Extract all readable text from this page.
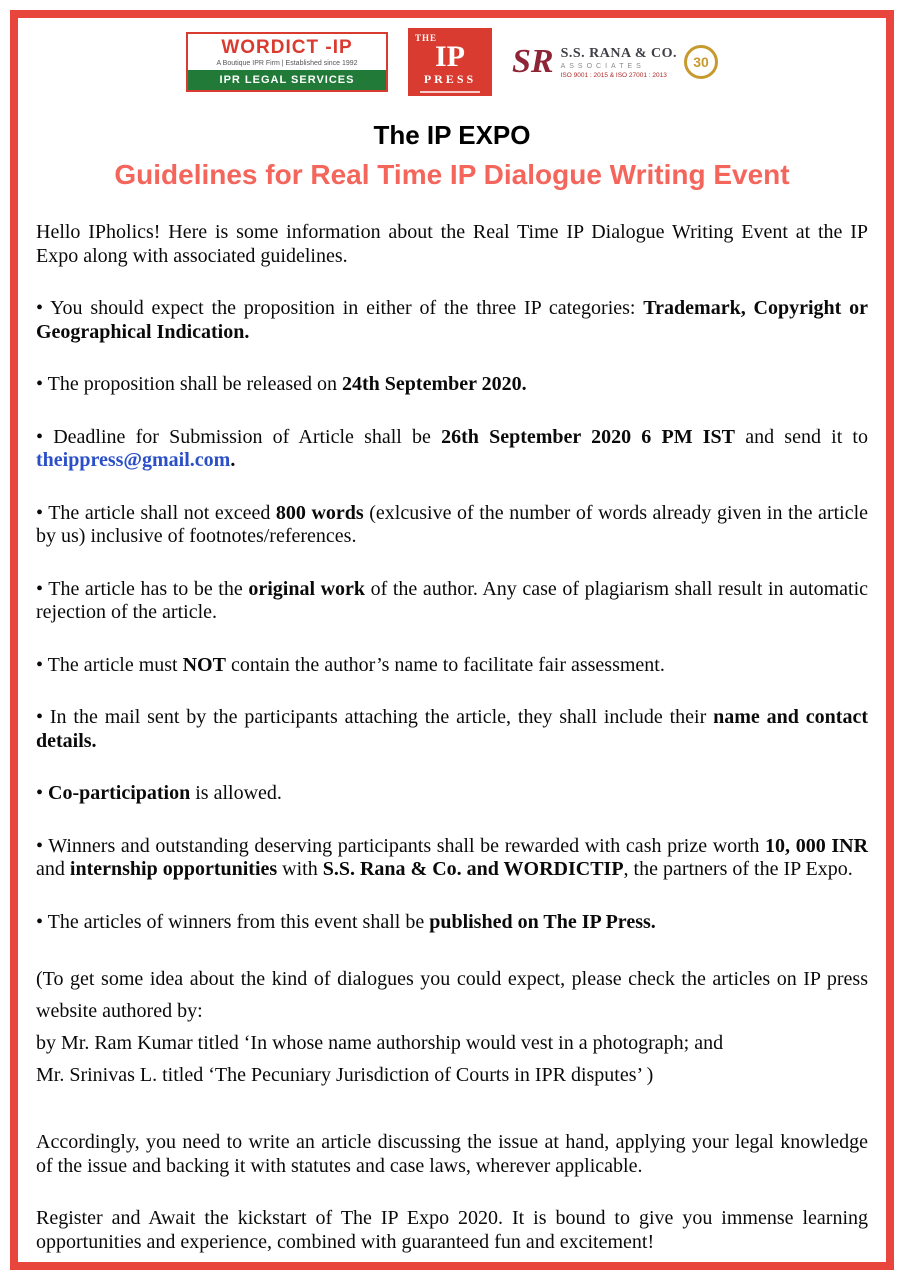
WORDICT -IP
A Boutique IPR Firm | Established since 1992
IPR LEGAL SERVICES
THE
IP
PRESS	SR S.S. RANA & CO.
ASSOCIATES
ISO 9001 : 2015 & ISO 27001 : 2013
30
The IP EXPO
Guidelines for Real Time IP Dialogue Writing Event

Hello IPholics! Here is some information about the Real Time IP Dialogue Writing Event at the IP Expo along with associated guidelines.

• You should expect the proposition in either of the three IP categories: Trademark, Copyright or Geographical Indication.

• The proposition shall be released on 24th September 2020.

• Deadline for Submission of Article shall be 26th September 2020 6 PM IST and send it to theippress@gmail.com.

• The article shall not exceed 800 words (exlcusive of the number of words already given in the article by us) inclusive of footnotes/references.

• The article has to be the original work of the author. Any case of plagiarism shall result in automatic rejection of the article.

• The article must NOT contain the author’s name to facilitate fair assessment.

• In the mail sent by the participants attaching the article, they shall include their name and contact details.

• Co-participation is allowed.

• Winners and outstanding deserving participants shall be rewarded with cash prize worth 10, 000 INR and internship opportunities with S.S. Rana & Co. and WORDICTIP, the partners of the IP Expo.

• The articles of winners from this event shall be published on The IP Press.

(To get some idea about the kind of dialogues you could expect, please check the articles on IP press website authored by:
by Mr. Ram Kumar titled ‘In whose name authorship would vest in a photograph; and
Mr. Srinivas L. titled ‘The Pecuniary Jurisdiction of Courts in IPR disputes’ )

Accordingly, you need to write an article discussing the issue at hand, applying your legal knowledge of the issue and backing it with statutes and case laws, wherever applicable.

Register and Await the kickstart of The IP Expo 2020. It is bound to give you immense learning opportunities and experience, combined with guaranteed fun and excitement!
